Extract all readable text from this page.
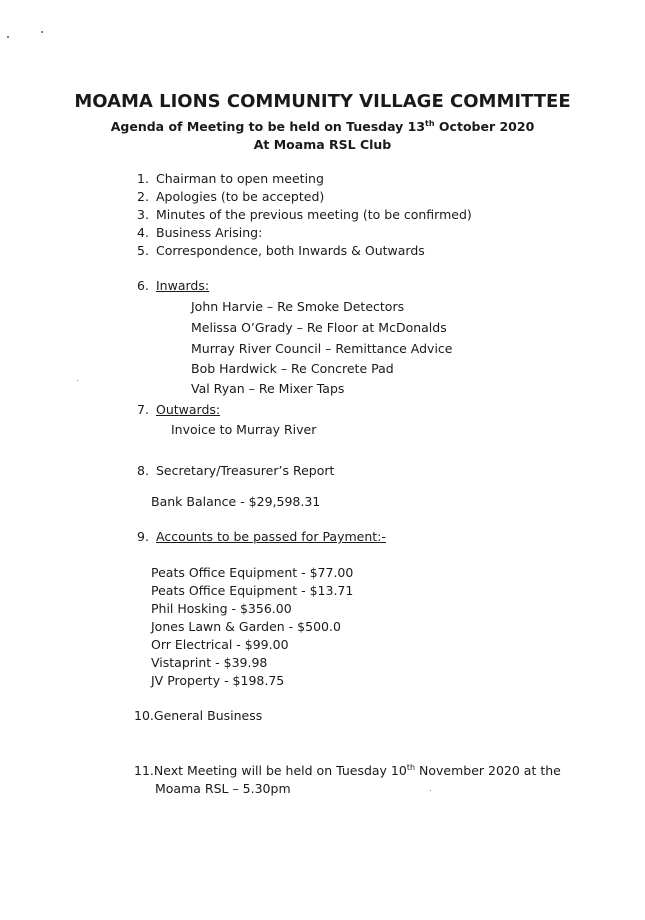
MOAMA LIONS COMMUNITY VILLAGE COMMITTEE
Agenda of Meeting to be held on Tuesday 13th October 2020
At Moama RSL Club
1. Chairman to open meeting
2. Apologies (to be accepted)
3. Minutes of the previous meeting (to be confirmed)
4. Business Arising:
5. Correspondence, both Inwards & Outwards
6. Inwards:
John Harvie – Re Smoke Detectors
Melissa O’Grady – Re Floor at McDonalds
Murray River Council – Remittance Advice
Bob Hardwick – Re Concrete Pad
Val Ryan – Re Mixer Taps
7. Outwards:
Invoice to Murray River
8. Secretary/Treasurer’s Report
Bank Balance - $29,598.31
9. Accounts to be passed for Payment:-
Peats Office Equipment - $77.00
Peats Office Equipment - $13.71
Phil Hosking - $356.00
Jones Lawn & Garden - $500.0
Orr Electrical - $99.00
Vistaprint - $39.98
JV Property - $198.75
10.General Business
11.Next Meeting will be held on Tuesday 10th November 2020 at the
Moama RSL – 5.30pm
